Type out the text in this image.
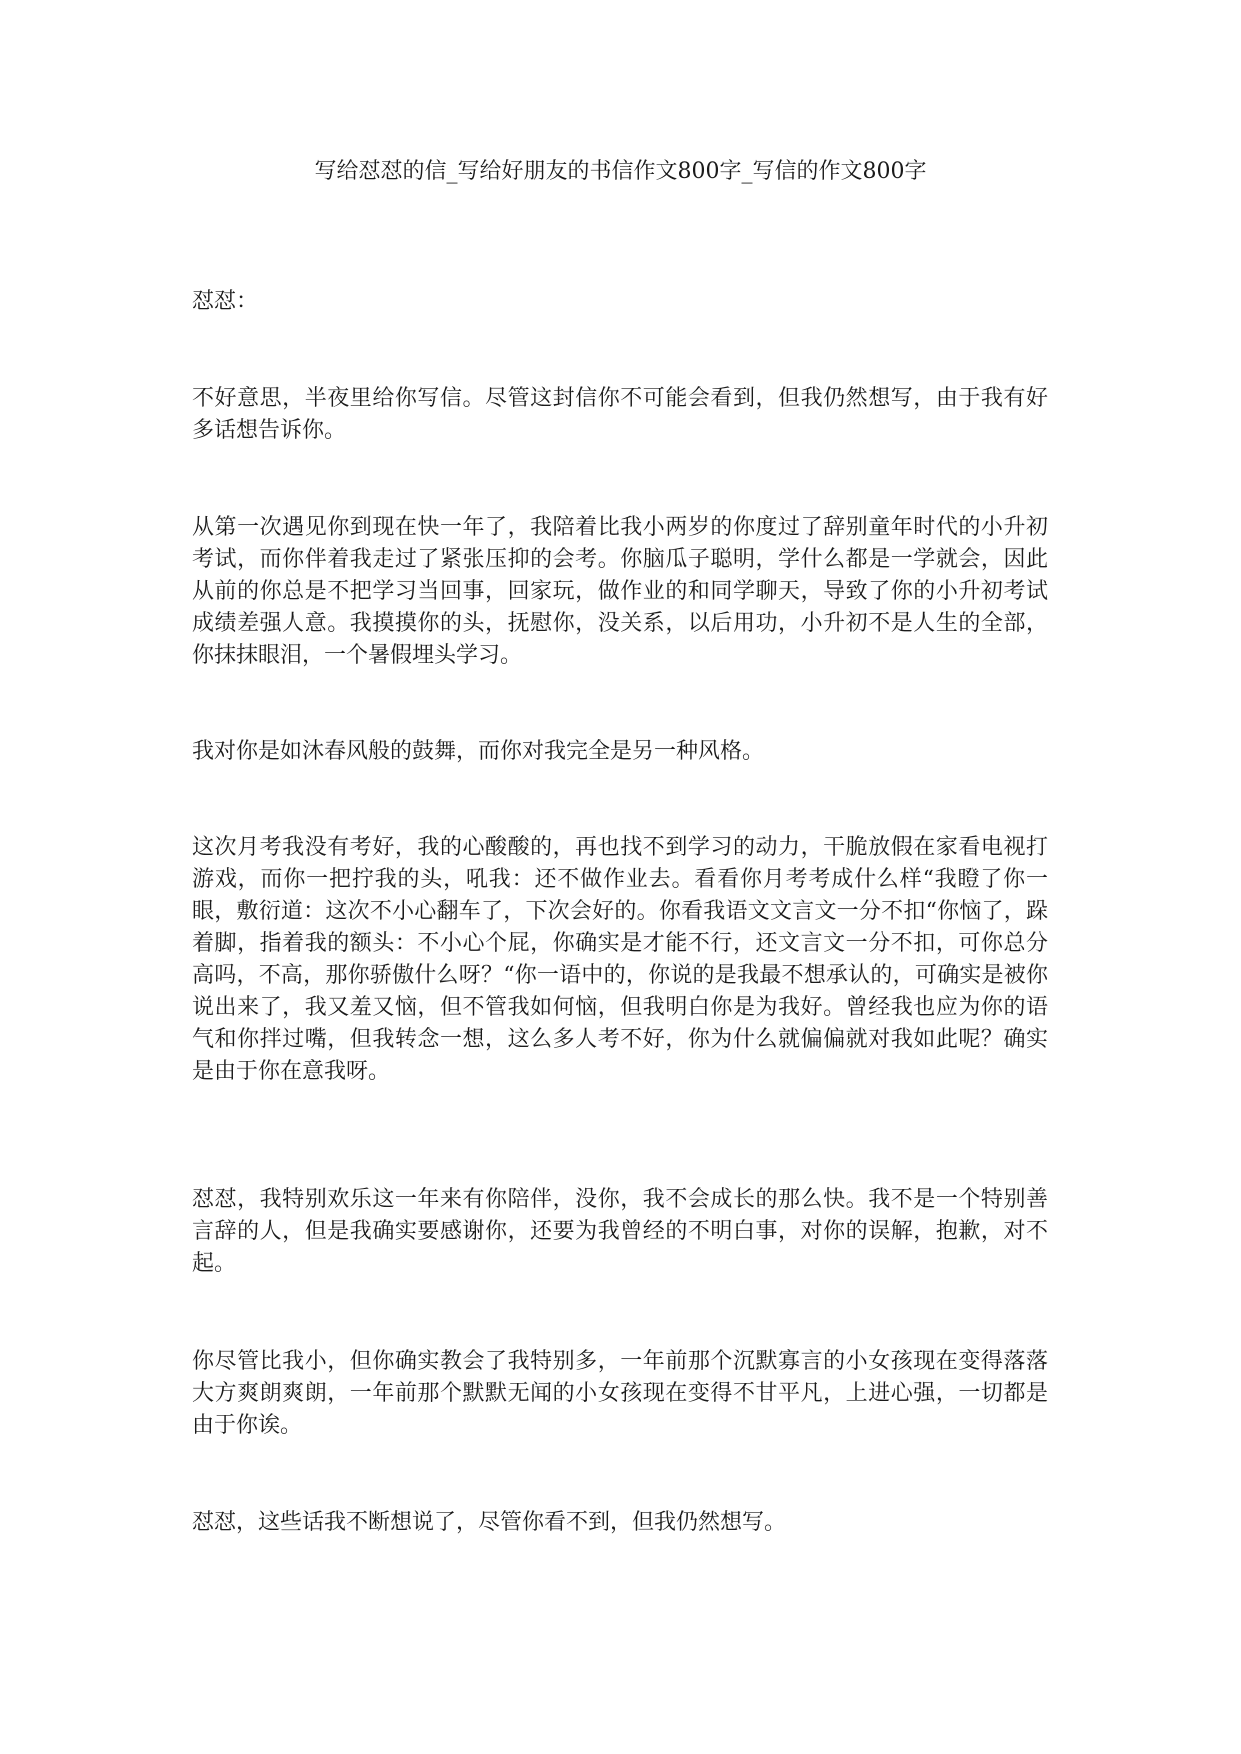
写给怼怼的信_写给好朋友的书信作文800字_写信的作文800字

怼怼：

不好意思，半夜里给你写信。尽管这封信你不可能会看到，但我仍然想写，由于我有好多话想告诉你。

从第一次遇见你到现在快一年了，我陪着比我小两岁的你度过了辞别童年时代的小升初考试，而你伴着我走过了紧张压抑的会考。你脑瓜子聪明，学什么都是一学就会，因此从前的你总是不把学习当回事，回家玩，做作业的和同学聊天，导致了你的小升初考试成绩差强人意。我摸摸你的头，抚慰你，没关系，以后用功，小升初不是人生的全部，你抹抹眼泪，一个暑假埋头学习。

我对你是如沐春风般的鼓舞，而你对我完全是另一种风格。

这次月考我没有考好，我的心酸酸的，再也找不到学习的动力，干脆放假在家看电视打游戏，而你一把拧我的头，吼我：还不做作业去。看看你月考考成什么样“我瞪了你一眼，敷衍道：这次不小心翻车了，下次会好的。你看我语文文言文一分不扣“你恼了，跺着脚，指着我的额头：不小心个屁，你确实是才能不行，还文言文一分不扣，可你总分高吗，不高，那你骄傲什么呀？“你一语中的，你说的是我最不想承认的，可确实是被你说出来了，我又羞又恼，但不管我如何恼，但我明白你是为我好。曾经我也应为你的语气和你拌过嘴，但我转念一想，这么多人考不好，你为什么就偏偏就对我如此呢？确实是由于你在意我呀。

怼怼，我特别欢乐这一年来有你陪伴，没你，我不会成长的那么快。我不是一个特别善言辞的人，但是我确实要感谢你，还要为我曾经的不明白事，对你的误解，抱歉，对不起。

你尽管比我小，但你确实教会了我特别多，一年前那个沉默寡言的小女孩现在变得落落大方爽朗爽朗，一年前那个默默无闻的小女孩现在变得不甘平凡，上进心强，一切都是由于你诶。

怼怼，这些话我不断想说了，尽管你看不到，但我仍然想写。
